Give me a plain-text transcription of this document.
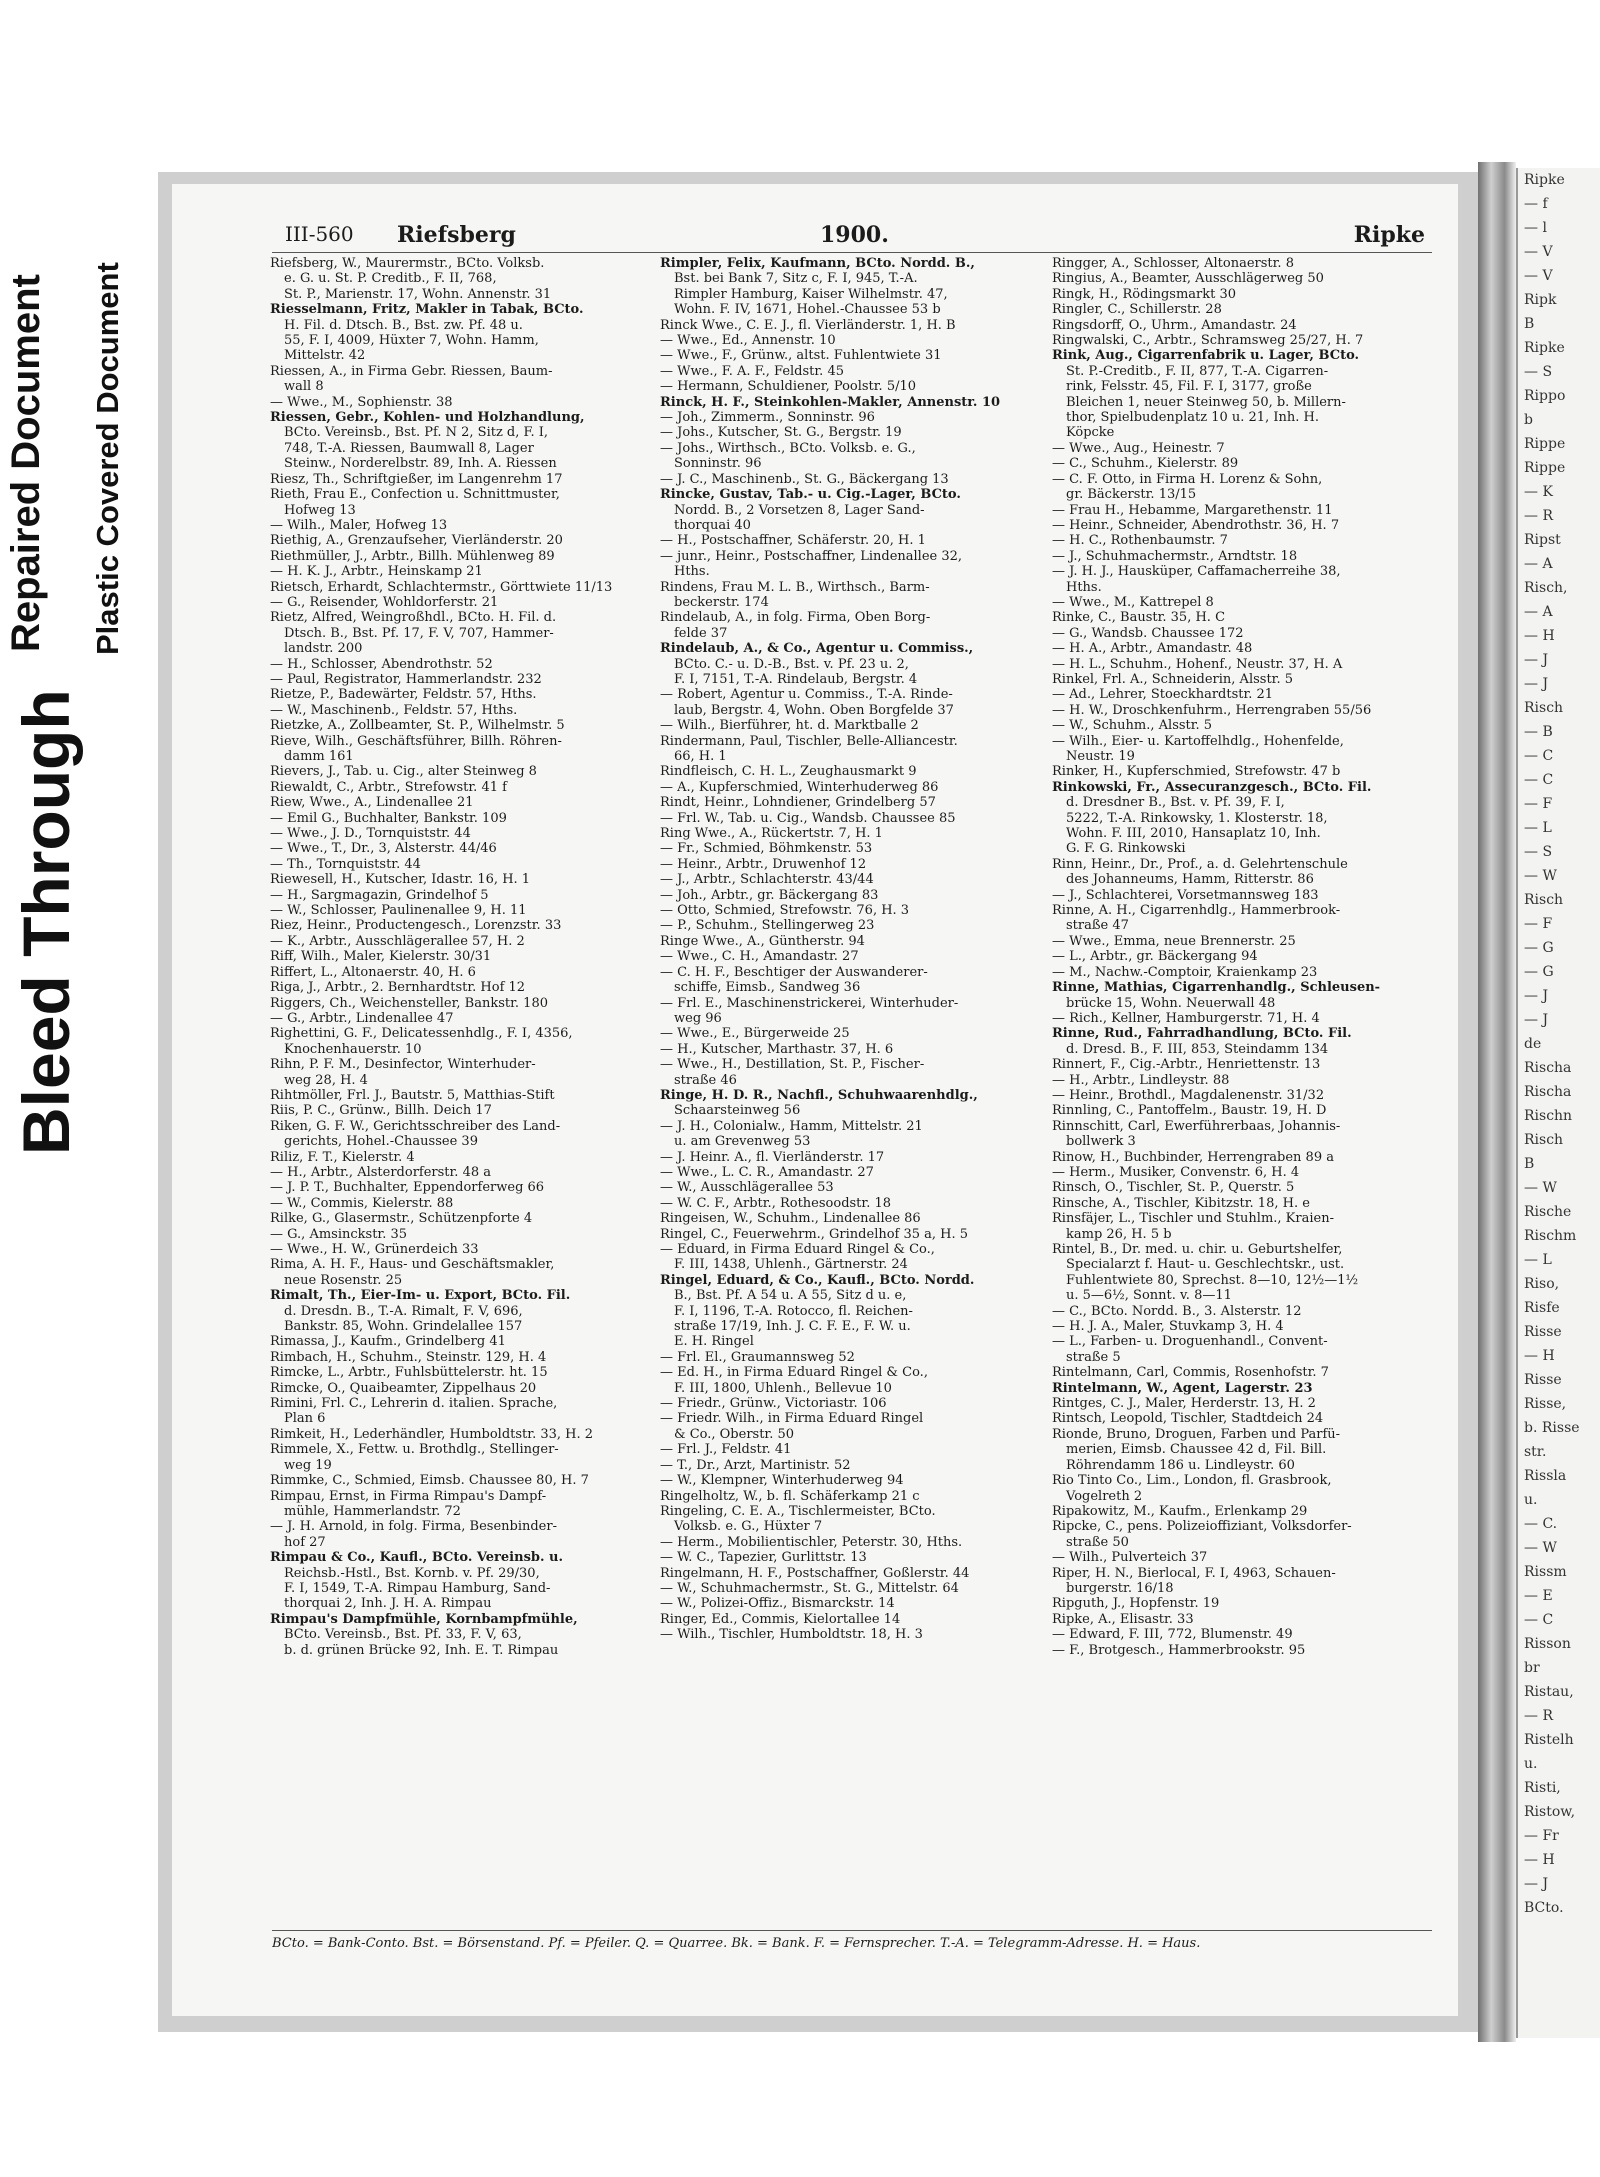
Bleed Through
Repaired Document Plastic Covered Document
Ripke
— f
— l
— V
— V
Ripk
B
Ripke
— S
Rippo
b
Rippe
Rippe
— K
— R
Ripst
— A
Risch,
— A
— H
— J
— J
Risch
— B
— C
— C
— F
— L
— S
— W
Risch
— F
— G
— G
— J
— J
de
Rischa
Rischa
Rischn
Risch
B
— W
Rische
Rischm
— L
Riso,
Risfe
Risse
— H
Risse
Risse,
b. Risse
str.
Rissla
u.
— C.
— W
Rissm
— E
— C
Risson
br
Ristau,
— R
Ristelh
u.
Risti,
Ristow,
— Fr
— H
— J
BCto.
III-560 Riefsberg	1900.	Ripke
Riefsberg, W., Maurermstr., BCto. Volksb.
e. G. u. St. P. Creditb., F. II, 768,
St. P., Marienstr. 17, Wohn. Annenstr. 31
Riesselmann, Fritz, Makler in Tabak, BCto.
H. Fil. d. Dtsch. B., Bst. zw. Pf. 48 u.
55, F. I, 4009, Hüxter 7, Wohn. Hamm,
Mittelstr. 42
Riessen, A., in Firma Gebr. Riessen, Baum-
wall 8
— Wwe., M., Sophienstr. 38
Riessen, Gebr., Kohlen- und Holzhandlung,
BCto. Vereinsb., Bst. Pf. N 2, Sitz d, F. I,
748, T.-A. Riessen, Baumwall 8, Lager
Steinw., Norderelbstr. 89, Inh. A. Riessen
Riesz, Th., Schriftgießer, im Langenrehm 17
Rieth, Frau E., Confection u. Schnittmuster,
Hofweg 13
— Wilh., Maler, Hofweg 13
Riethig, A., Grenzaufseher, Vierländerstr. 20
Riethmüller, J., Arbtr., Billh. Mühlenweg 89
— H. K. J., Arbtr., Heinskamp 21
Rietsch, Erhardt, Schlachtermstr., Görttwiete 11/13
— G., Reisender, Wohldorferstr. 21
Rietz, Alfred, Weingroßhdl., BCto. H. Fil. d.
Dtsch. B., Bst. Pf. 17, F. V, 707, Hammer-
landstr. 200
— H., Schlosser, Abendrothstr. 52
— Paul, Registrator, Hammerlandstr. 232
Rietze, P., Badewärter, Feldstr. 57, Hths.
— W., Maschinenb., Feldstr. 57, Hths.
Rietzke, A., Zollbeamter, St. P., Wilhelmstr. 5
Rieve, Wilh., Geschäftsführer, Billh. Röhren-
damm 161
Rievers, J., Tab. u. Cig., alter Steinweg 8
Riewaldt, C., Arbtr., Strefowstr. 41 f
Riew, Wwe., A., Lindenallee 21
— Emil G., Buchhalter, Bankstr. 109
— Wwe., J. D., Tornquiststr. 44
— Wwe., T., Dr., 3, Alsterstr. 44/46
— Th., Tornquiststr. 44
Riewesell, H., Kutscher, Idastr. 16, H. 1
— H., Sargmagazin, Grindelhof 5
— W., Schlosser, Paulinenallee 9, H. 11
Riez, Heinr., Productengesch., Lorenzstr. 33
— K., Arbtr., Ausschlägerallee 57, H. 2
Riff, Wilh., Maler, Kielerstr. 30/31
Riffert, L., Altonaerstr. 40, H. 6
Riga, J., Arbtr., 2. Bernhardtstr. Hof 12
Riggers, Ch., Weichensteller, Bankstr. 180
— G., Arbtr., Lindenallee 47
Righettini, G. F., Delicatessenhdlg., F. I, 4356,
Knochenhauerstr. 10
Rihn, P. F. M., Desinfector, Winterhuder-
weg 28, H. 4
Rihtmöller, Frl. J., Bautstr. 5, Matthias-Stift
Riis, P. C., Grünw., Billh. Deich 17
Riken, G. F. W., Gerichtsschreiber des Land-
gerichts, Hohel.-Chaussee 39
Riliz, F. T., Kielerstr. 4
— H., Arbtr., Alsterdorferstr. 48 a
— J. P. T., Buchhalter, Eppendorferweg 66
— W., Commis, Kielerstr. 88
Rilke, G., Glasermstr., Schützenpforte 4
— G., Amsinckstr. 35
— Wwe., H. W., Grünerdeich 33
Rima, A. H. F., Haus- und Geschäftsmakler,
neue Rosenstr. 25
Rimalt, Th., Eier-Im- u. Export, BCto. Fil.
d. Dresdn. B., T.-A. Rimalt, F. V, 696,
Bankstr. 85, Wohn. Grindelallee 157
Rimassa, J., Kaufm., Grindelberg 41
Rimbach, H., Schuhm., Steinstr. 129, H. 4
Rimcke, L., Arbtr., Fuhlsbüttelerstr. ht. 15
Rimcke, O., Quaibeamter, Zippelhaus 20
Rimini, Frl. C., Lehrerin d. italien. Sprache,
Plan 6
Rimkeit, H., Lederhändler, Humboldtstr. 33, H. 2
Rimmele, X., Fettw. u. Brothdlg., Stellinger-
weg 19
Rimmke, C., Schmied, Eimsb. Chaussee 80, H. 7
Rimpau, Ernst, in Firma Rimpau's Dampf-
mühle, Hammerlandstr. 72
— J. H. Arnold, in folg. Firma, Besenbinder-
hof 27
Rimpau & Co., Kaufl., BCto. Vereinsb. u.
Reichsb.-Hstl., Bst. Kornb. v. Pf. 29/30,
F. I, 1549, T.-A. Rimpau Hamburg, Sand-
thorquai 2, Inh. J. H. A. Rimpau
Rimpau's Dampfmühle, Kornbampfmühle,
BCto. Vereinsb., Bst. Pf. 33, F. V, 63,
b. d. grünen Brücke 92, Inh. E. T. Rimpau
Rimpler, Felix, Kaufmann, BCto. Nordd. B.,
Bst. bei Bank 7, Sitz c, F. I, 945, T.-A.
Rimpler Hamburg, Kaiser Wilhelmstr. 47,
Wohn. F. IV, 1671, Hohel.-Chaussee 53 b
Rinck Wwe., C. E. J., fl. Vierländerstr. 1, H. B
— Wwe., Ed., Annenstr. 10
— Wwe., F., Grünw., altst. Fuhlentwiete 31
— Wwe., F. A. F., Feldstr. 45
— Hermann, Schuldiener, Poolstr. 5/10
Rinck, H. F., Steinkohlen-Makler, Annenstr. 10
— Joh., Zimmerm., Sonninstr. 96
— Johs., Kutscher, St. G., Bergstr. 19
— Johs., Wirthsch., BCto. Volksb. e. G.,
Sonninstr. 96
— J. C., Maschinenb., St. G., Bäckergang 13
Rincke, Gustav, Tab.- u. Cig.-Lager, BCto.
Nordd. B., 2 Vorsetzen 8, Lager Sand-
thorquai 40
— H., Postschaffner, Schäferstr. 20, H. 1
— junr., Heinr., Postschaffner, Lindenallee 32,
Hths.
Rindens, Frau M. L. B., Wirthsch., Barm-
beckerstr. 174
Rindelaub, A., in folg. Firma, Oben Borg-
felde 37
Rindelaub, A., & Co., Agentur u. Commiss.,
BCto. C.- u. D.-B., Bst. v. Pf. 23 u. 2,
F. I, 7151, T.-A. Rindelaub, Bergstr. 4
— Robert, Agentur u. Commiss., T.-A. Rinde-
laub, Bergstr. 4, Wohn. Oben Borgfelde 37
— Wilh., Bierführer, ht. d. Marktballe 2
Rindermann, Paul, Tischler, Belle-Alliancestr.
66, H. 1
Rindfleisch, C. H. L., Zeughausmarkt 9
— A., Kupferschmied, Winterhuderweg 86
Rindt, Heinr., Lohndiener, Grindelberg 57
— Frl. W., Tab. u. Cig., Wandsb. Chaussee 85
Ring Wwe., A., Rückertstr. 7, H. 1
— Fr., Schmied, Böhmkenstr. 53
— Heinr., Arbtr., Druwenhof 12
— J., Arbtr., Schlachterstr. 43/44
— Joh., Arbtr., gr. Bäckergang 83
— Otto, Schmied, Strefowstr. 76, H. 3
— P., Schuhm., Stellingerweg 23
Ringe Wwe., A., Güntherstr. 94
— Wwe., C. H., Amandastr. 27
— C. H. F., Beschtiger der Auswanderer-
schiffe, Eimsb., Sandweg 36
— Frl. E., Maschinenstrickerei, Winterhuder-
weg 96
— Wwe., E., Bürgerweide 25
— H., Kutscher, Marthastr. 37, H. 6
— Wwe., H., Destillation, St. P., Fischer-
straße 46
Ringe, H. D. R., Nachfl., Schuhwaarenhdlg.,
Schaarsteinweg 56
— J. H., Colonialw., Hamm, Mittelstr. 21
u. am Grevenweg 53
— J. Heinr. A., fl. Vierländerstr. 17
— Wwe., L. C. R., Amandastr. 27
— W., Ausschlägerallee 53
— W. C. F., Arbtr., Rothesoodstr. 18
Ringeisen, W., Schuhm., Lindenallee 86
Ringel, C., Feuerwehrm., Grindelhof 35 a, H. 5
— Eduard, in Firma Eduard Ringel & Co.,
F. III, 1438, Uhlenh., Gärtnerstr. 24
Ringel, Eduard, & Co., Kaufl., BCto. Nordd.
B., Bst. Pf. A 54 u. A 55, Sitz d u. e,
F. I, 1196, T.-A. Rotocco, fl. Reichen-
straße 17/19, Inh. J. C. F. E., F. W. u.
E. H. Ringel
— Frl. El., Graumannsweg 52
— Ed. H., in Firma Eduard Ringel & Co.,
F. III, 1800, Uhlenh., Bellevue 10
— Friedr., Grünw., Victoriastr. 106
— Friedr. Wilh., in Firma Eduard Ringel
& Co., Oberstr. 50
— Frl. J., Feldstr. 41
— T., Dr., Arzt, Martinistr. 52
— W., Klempner, Winterhuderweg 94
Ringelholtz, W., b. fl. Schäferkamp 21 c
Ringeling, C. E. A., Tischlermeister, BCto.
Volksb. e. G., Hüxter 7
— Herm., Mobilientischler, Peterstr. 30, Hths.
— W. C., Tapezier, Gurlittstr. 13
Ringelmann, H. F., Postschaffner, Goßlerstr. 44
— W., Schuhmachermstr., St. G., Mittelstr. 64
— W., Polizei-Offiz., Bismarckstr. 14
Ringer, Ed., Commis, Kielortallee 14
— Wilh., Tischler, Humboldtstr. 18, H. 3
Ringger, A., Schlosser, Altonaerstr. 8
Ringius, A., Beamter, Ausschlägerweg 50
Ringk, H., Rödingsmarkt 30
Ringler, C., Schillerstr. 28
Ringsdorff, O., Uhrm., Amandastr. 24
Ringwalski, C., Arbtr., Schramsweg 25/27, H. 7
Rink, Aug., Cigarrenfabrik u. Lager, BCto.
St. P.-Creditb., F. II, 877, T.-A. Cigarren-
rink, Felsstr. 45, Fil. F. I, 3177, große
Bleichen 1, neuer Steinweg 50, b. Millern-
thor, Spielbudenplatz 10 u. 21, Inh. H.
Köpcke
— Wwe., Aug., Heinestr. 7
— C., Schuhm., Kielerstr. 89
— C. F. Otto, in Firma H. Lorenz & Sohn,
gr. Bäckerstr. 13/15
— Frau H., Hebamme, Margarethenstr. 11
— Heinr., Schneider, Abendrothstr. 36, H. 7
— H. C., Rothenbaumstr. 7
— J., Schuhmachermstr., Arndtstr. 18
— J. H. J., Hausküper, Caffamacherreihe 38,
Hths.
— Wwe., M., Kattrepel 8
Rinke, C., Baustr. 35, H. C
— G., Wandsb. Chaussee 172
— H. A., Arbtr., Amandastr. 48
— H. L., Schuhm., Hohenf., Neustr. 37, H. A
Rinkel, Frl. A., Schneiderin, Alsstr. 5
— Ad., Lehrer, Stoeckhardtstr. 21
— H. W., Droschkenfuhrm., Herrengraben 55/56
— W., Schuhm., Alsstr. 5
— Wilh., Eier- u. Kartoffelhdlg., Hohenfelde,
Neustr. 19
Rinker, H., Kupferschmied, Strefowstr. 47 b
Rinkowski, Fr., Assecuranzgesch., BCto. Fil.
d. Dresdner B., Bst. v. Pf. 39, F. I,
5222, T.-A. Rinkowsky, 1. Klosterstr. 18,
Wohn. F. III, 2010, Hansaplatz 10, Inh.
G. F. G. Rinkowski
Rinn, Heinr., Dr., Prof., a. d. Gelehrtenschule
des Johanneums, Hamm, Ritterstr. 86
— J., Schlachterei, Vorsetmannsweg 183
Rinne, A. H., Cigarrenhdlg., Hammerbrook-
straße 47
— Wwe., Emma, neue Brennerstr. 25
— L., Arbtr., gr. Bäckergang 94
— M., Nachw.-Comptoir, Kraienkamp 23
Rinne, Mathias, Cigarrenhandlg., Schleusen-
brücke 15, Wohn. Neuerwall 48
— Rich., Kellner, Hamburgerstr. 71, H. 4
Rinne, Rud., Fahrradhandlung, BCto. Fil.
d. Dresd. B., F. III, 853, Steindamm 134
Rinnert, F., Cig.-Arbtr., Henriettenstr. 13
— H., Arbtr., Lindleystr. 88
— Heinr., Brothdl., Magdalenenstr. 31/32
Rinnling, C., Pantoffelm., Baustr. 19, H. D
Rinnschitt, Carl, Ewerführerbaas, Johannis-
bollwerk 3
Rinow, H., Buchbinder, Herrengraben 89 a
— Herm., Musiker, Convenstr. 6, H. 4
Rinsch, O., Tischler, St. P., Querstr. 5
Rinsche, A., Tischler, Kibitzstr. 18, H. e
Rinsfäjer, L., Tischler und Stuhlm., Kraien-
kamp 26, H. 5 b
Rintel, B., Dr. med. u. chir. u. Geburtshelfer,
Specialarzt f. Haut- u. Geschlechtskr., ust.
Fuhlentwiete 80, Sprechst. 8—10, 12½—1½
u. 5—6½, Sonnt. v. 8—11
— C., BCto. Nordd. B., 3. Alsterstr. 12
— H. J. A., Maler, Stuvkamp 3, H. 4
— L., Farben- u. Droguenhandl., Convent-
straße 5
Rintelmann, Carl, Commis, Rosenhofstr. 7
Rintelmann, W., Agent, Lagerstr. 23
Rintges, C. J., Maler, Herderstr. 13, H. 2
Rintsch, Leopold, Tischler, Stadtdeich 24
Rionde, Bruno, Droguen, Farben und Parfü-
merien, Eimsb. Chaussee 42 d, Fil. Bill.
Röhrendamm 186 u. Lindleystr. 60
Rio Tinto Co., Lim., London, fl. Grasbrook,
Vogelreth 2
Ripakowitz, M., Kaufm., Erlenkamp 29
Ripcke, C., pens. Polizeioffiziant, Volksdorfer-
straße 50
— Wilh., Pulverteich 37
Riper, H. N., Bierlocal, F. I, 4963, Schauen-
burgerstr. 16/18
Ripguth, J., Hopfenstr. 19
Ripke, A., Elisastr. 33
— Edward, F. III, 772, Blumenstr. 49
— F., Brotgesch., Hammerbrookstr. 95
BCto. = Bank-Conto. Bst. = Börsenstand. Pf. = Pfeiler. Q. = Quarree. Bk. = Bank. F. = Fernsprecher. T.-A. = Telegramm-Adresse. H. = Haus.
